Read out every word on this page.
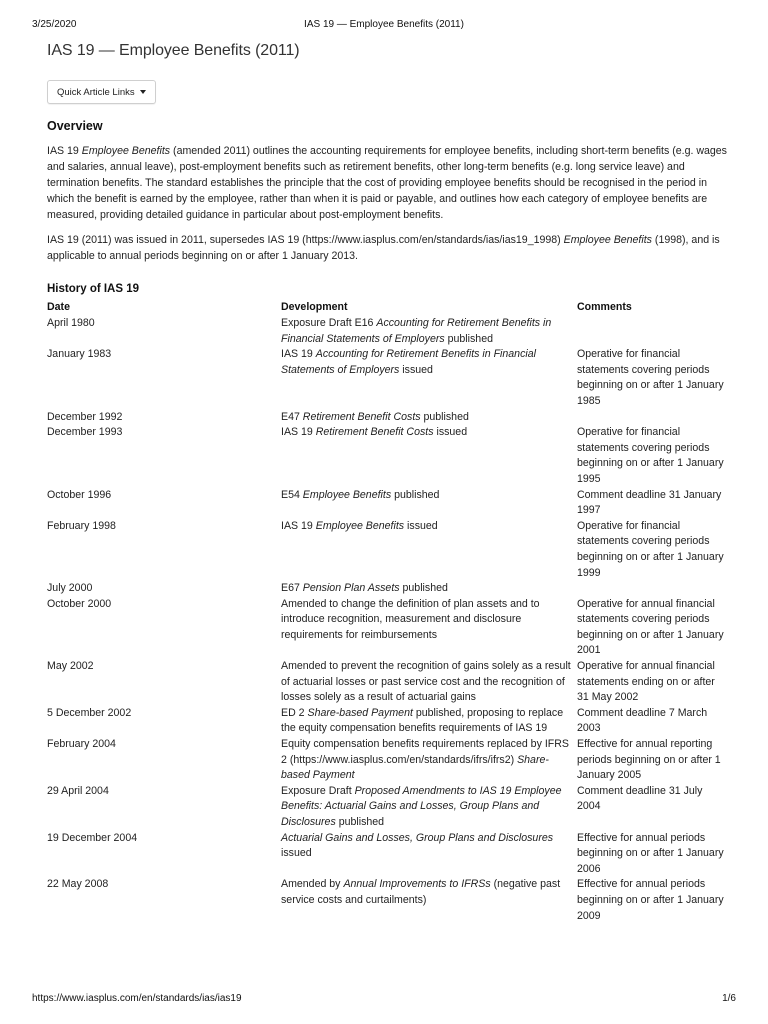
3/25/2020	IAS 19 — Employee Benefits (2011)
IAS 19 — Employee Benefits (2011)
Quick Article Links
Overview

IAS 19 Employee Benefits (amended 2011) outlines the accounting requirements for employee benefits, including short-term benefits (e.g. wages and salaries, annual leave), post-employment benefits such as retirement benefits, other long-term benefits (e.g. long service leave) and termination benefits. The standard establishes the principle that the cost of providing employee benefits should be recognised in the period in which the benefit is earned by the employee, rather than when it is paid or payable, and outlines how each category of employee benefits are measured, providing detailed guidance in particular about post-employment benefits.

IAS 19 (2011) was issued in 2011, supersedes IAS 19 (https://www.iasplus.com/en/standards/ias/ias19_1998) Employee Benefits (1998), and is applicable to annual periods beginning on or after 1 January 2013.

History of IAS 19
Date	Development	Comments
April 1980	Exposure Draft E16 Accounting for Retirement Benefits in Financial Statements of Employers published	
January 1983	IAS 19 Accounting for Retirement Benefits in Financial Statements of Employers issued	Operative for financial statements covering periods beginning on or after 1 January 1985
December 1992	E47 Retirement Benefit Costs published	
December 1993	IAS 19 Retirement Benefit Costs issued	Operative for financial statements covering periods beginning on or after 1 January 1995
October 1996	E54 Employee Benefits published	Comment deadline 31 January 1997
February 1998	IAS 19 Employee Benefits issued	Operative for financial statements covering periods beginning on or after 1 January 1999
July 2000	E67 Pension Plan Assets published	
October 2000	Amended to change the definition of plan assets and to introduce recognition, measurement and disclosure requirements for reimbursements	Operative for annual financial statements covering periods beginning on or after 1 January 2001
May 2002	Amended to prevent the recognition of gains solely as a result of actuarial losses or past service cost and the recognition of losses solely as a result of actuarial gains	Operative for annual financial statements ending on or after 31 May 2002
5 December 2002	ED 2 Share-based Payment published, proposing to replace the equity compensation benefits requirements of IAS 19	Comment deadline 7 March 2003
February 2004	Equity compensation benefits requirements replaced by IFRS 2 (https://www.iasplus.com/en/standards/ifrs/ifrs2) Share-based Payment	Effective for annual reporting periods beginning on or after 1 January 2005
29 April 2004	Exposure Draft Proposed Amendments to IAS 19 Employee Benefits: Actuarial Gains and Losses, Group Plans and Disclosures published	Comment deadline 31 July 2004
19 December 2004	Actuarial Gains and Losses, Group Plans and Disclosures issued	Effective for annual periods beginning on or after 1 January 2006
22 May 2008	Amended by Annual Improvements to IFRSs (negative past service costs and curtailments)	Effective for annual periods beginning on or after 1 January 2009
https://www.iasplus.com/en/standards/ias/ias19	1/6
